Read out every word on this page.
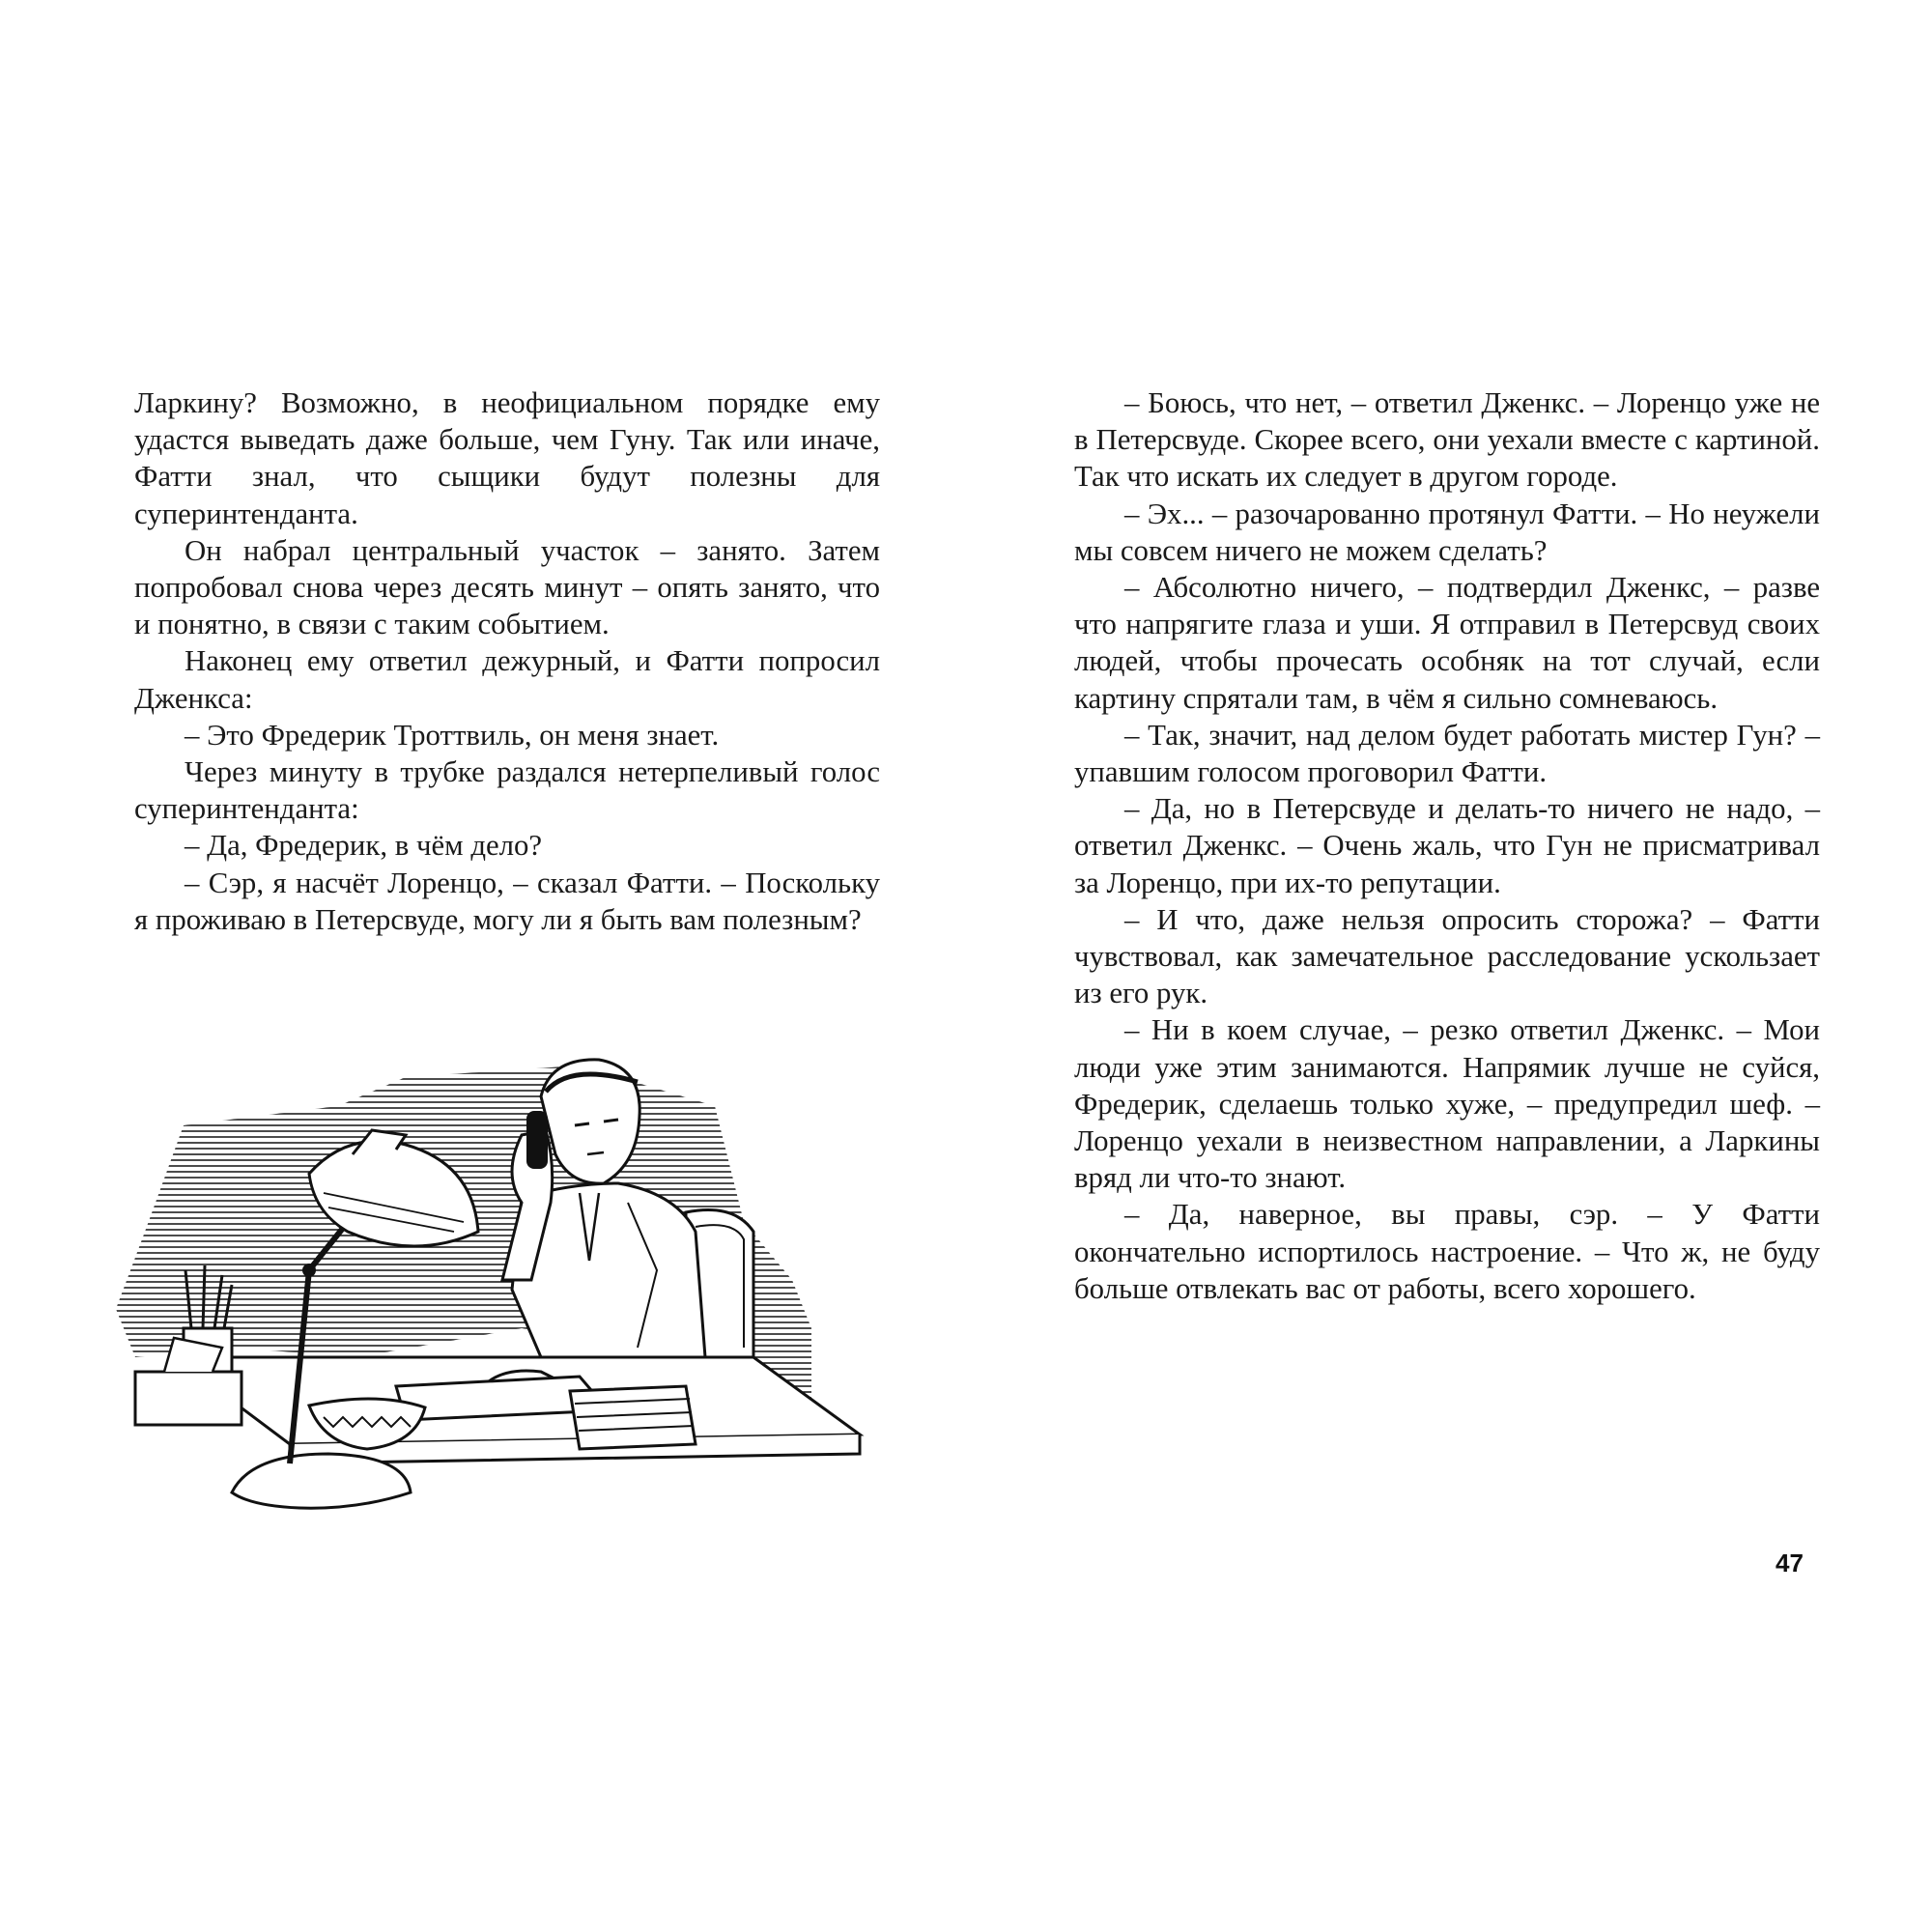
Ларкину? Возможно, в неофициальном порядке ему удастся выведать даже больше, чем Гуну. Так или иначе, Фатти знал, что сыщики будут полезны для суперинтенданта.

Он набрал центральный участок – занято. Затем попробовал снова через десять минут – опять занято, что и понятно, в связи с таким событием.

Наконец ему ответил дежурный, и Фатти попросил Дженкса:

– Это Фредерик Троттвиль, он меня знает.

Через минуту в трубке раздался нетерпеливый голос суперинтенданта:

– Да, Фредерик, в чём дело?

– Сэр, я насчёт Лоренцо, – сказал Фатти. – Поскольку я проживаю в Петерсвуде, могу ли я быть вам полезным?

– Боюсь, что нет, – ответил Дженкс. – Лоренцо уже не в Петерсвуде. Скорее всего, они уехали вместе с картиной. Так что искать их следует в другом городе.

– Эх... – разочарованно протянул Фатти. – Но неужели мы совсем ничего не можем сделать?

– Абсолютно ничего, – подтвердил Дженкс, – разве что напрягите глаза и уши. Я отправил в Петерсвуд своих людей, чтобы прочесать особняк на тот случай, если картину спрятали там, в чём я сильно сомневаюсь.

– Так, значит, над делом будет работать мистер Гун? – упавшим голосом проговорил Фатти.

– Да, но в Петерсвуде и делать-то ничего не надо, – ответил Дженкс. – Очень жаль, что Гун не присматривал за Лоренцо, при их-то репутации.

– И что, даже нельзя опросить сторожа? – Фатти чувствовал, как замечательное расследование ускользает из его рук.

– Ни в коем случае, – резко ответил Дженкс. – Мои люди уже этим занимаются. Напрямик лучше не суйся, Фредерик, сделаешь только хуже, – предупредил шеф. – Лоренцо уехали в неизвестном направлении, а Ларкины вряд ли что-то знают.

– Да, наверное, вы правы, сэр. – У Фатти окончательно испортилось настроение. – Что ж, не буду больше отвлекать вас от работы, всего хорошего.

47
